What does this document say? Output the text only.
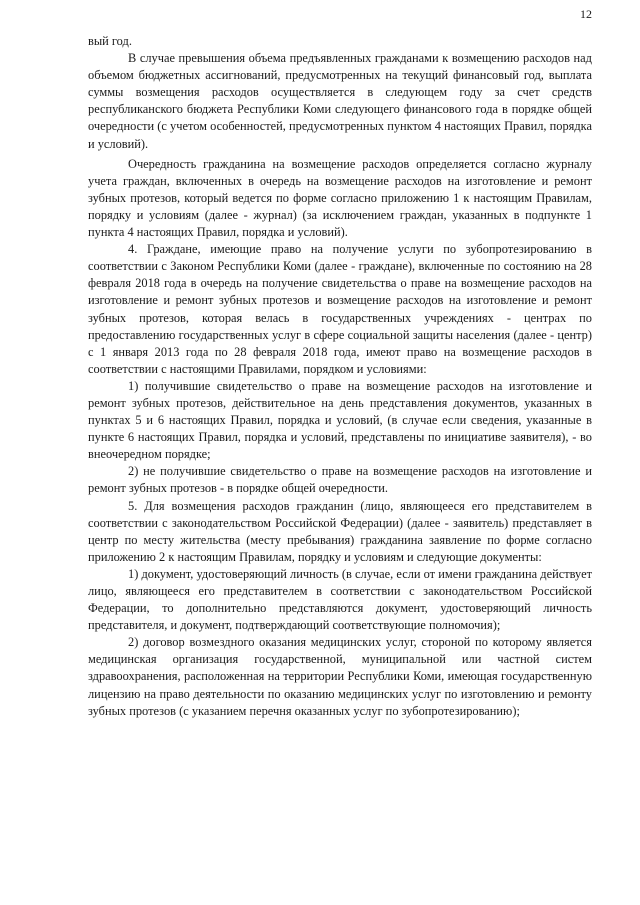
12

вый год.

В случае превышения объема предъявленных гражданами к возмещению расходов над объемом бюджетных ассигнований, предусмотренных на текущий финансовый год, выплата суммы возмещения расходов осуществляется в следующем году за счет средств республиканского бюджета Республики Коми следующего финансового года в порядке общей очередности (с учетом особенностей, предусмотренных пунктом 4 настоящих Правил, порядка и условий).

Очередность гражданина на возмещение расходов определяется согласно журналу учета граждан, включенных в очередь на возмещение расходов на изготовление и ремонт зубных протезов, который ведется по форме согласно приложению 1 к настоящим Правилам, порядку и условиям (далее - журнал) (за исключением граждан, указанных в подпункте 1 пункта 4 настоящих Правил, порядка и условий).

4. Граждане, имеющие право на получение услуги по зубопротезированию в соответствии с Законом Республики Коми (далее - граждане), включенные по состоянию на 28 февраля 2018 года в очередь на получение свидетельства о праве на возмещение расходов на изготовление и ремонт зубных протезов и возмещение расходов на изготовление и ремонт зубных протезов, которая велась в государственных учреждениях - центрах по предоставлению государственных услуг в сфере социальной защиты населения (далее - центр) с 1 января 2013 года по 28 февраля 2018 года, имеют право на возмещение расходов в соответствии с настоящими Правилами, порядком и условиями:

1) получившие свидетельство о праве на возмещение расходов на изготовление и ремонт зубных протезов, действительное на день представления документов, указанных в пунктах 5 и 6 настоящих Правил, порядка и условий, (в случае если сведения, указанные в пункте 6 настоящих Правил, порядка и условий, представлены по инициативе заявителя), - во внеочередном порядке;

2) не получившие свидетельство о праве на возмещение расходов на изготовление и ремонт зубных протезов - в порядке общей очередности.

5. Для возмещения расходов гражданин (лицо, являющееся его представителем в соответствии с законодательством Российской Федерации) (далее - заявитель) представляет в центр по месту жительства (месту пребывания) гражданина заявление по форме согласно приложению 2 к настоящим Правилам, порядку и условиям и следующие документы:

1) документ, удостоверяющий личность (в случае, если от имени гражданина действует лицо, являющееся его представителем в соответствии с законодательством Российской Федерации, то дополнительно представляются документ, удостоверяющий личность представителя, и документ, подтверждающий соответствующие полномочия);

2) договор возмездного оказания медицинских услуг, стороной по которому является медицинская организация государственной, муниципальной или частной систем здравоохранения, расположенная на территории Республики Коми, имеющая государственную лицензию на право деятельности по оказанию медицинских услуг по изготовлению и ремонту зубных протезов (с указанием перечня оказанных услуг по зубопротезированию);
